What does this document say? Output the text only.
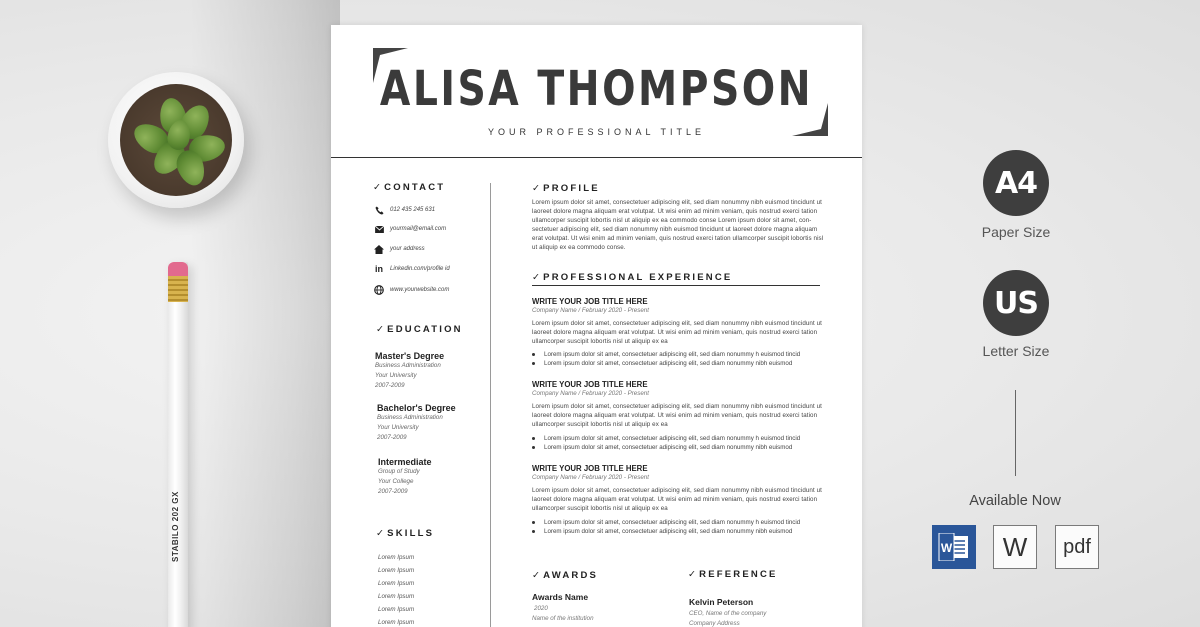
STABILO 202 GX
ALISA THOMPSON
YOUR PROFESSIONAL TITLE
✓CONTACT
012 435 245 631
yourmail@email.com
your address
in Linkedin.com/profile id
www.yourwebsite.com
✓EDUCATION
Master's Degree
Business Administration
Your University
2007-2009
Bachelor's Degree
Business Administration
Your University
2007-2009
Intermediate
Group of Study
Your College
2007-2009
✓SKILLS
Lorem Ipsum
Lorem Ipsum
Lorem Ipsum
Lorem Ipsum
Lorem Ipsum
Lorem Ipsum
✓PROFILE
Lorem ipsum dolor sit amet, consectetuer adipiscing elit, sed diam nonummy nibh euismod tincidunt ut
laoreet dolore magna aliquam erat volutpat. Ut wisi enim ad minim veniam, quis nostrud exerci tation
ullamcorper suscipit lobortis nisl ut aliquip ex ea commodo conse Lorem ipsum dolor sit amet, con-
sectetuer adipiscing elit, sed diam nonummy nibh euismod tincidunt ut laoreet dolore magna aliquam
erat volutpat. Ut wisi enim ad minim veniam, quis nostrud exerci tation ullamcorper suscipit lobortis nisl
ut aliquip ex ea commodo conse.
✓PROFESSIONAL EXPERIENCE
WRITE YOUR JOB TITLE HERE
Company Name / February 2020 - Present
Lorem ipsum dolor sit amet, consectetuer adipiscing elit, sed diam nonummy nibh euismod tincidunt ut
laoreet dolore magna aliquam erat volutpat. Ut wisi enim ad minim veniam, quis nostrud exerci tation
ullamcorper suscipit lobortis nisl ut aliquip ex ea
Lorem ipsum dolor sit amet, consectetuer adipiscing elit, sed diam nonummy h euismod tincid
Lorem ipsum dolor sit amet, consectetuer adipiscing elit, sed diam nonummy nibh euismod
WRITE YOUR JOB TITLE HERE
Company Name / February 2020 - Present
Lorem ipsum dolor sit amet, consectetuer adipiscing elit, sed diam nonummy nibh euismod tincidunt ut
laoreet dolore magna aliquam erat volutpat. Ut wisi enim ad minim veniam, quis nostrud exerci tation
ullamcorper suscipit lobortis nisl ut aliquip ex ea
Lorem ipsum dolor sit amet, consectetuer adipiscing elit, sed diam nonummy h euismod tincid
Lorem ipsum dolor sit amet, consectetuer adipiscing elit, sed diam nonummy nibh euismod
WRITE YOUR JOB TITLE HERE
Company Name / February 2020 - Present
Lorem ipsum dolor sit amet, consectetuer adipiscing elit, sed diam nonummy nibh euismod tincidunt ut
laoreet dolore magna aliquam erat volutpat. Ut wisi enim ad minim veniam, quis nostrud exerci tation
ullamcorper suscipit lobortis nisl ut aliquip ex ea
Lorem ipsum dolor sit amet, consectetuer adipiscing elit, sed diam nonummy h euismod tincid
Lorem ipsum dolor sit amet, consectetuer adipiscing elit, sed diam nonummy nibh euismod
✓AWARDS
Awards Name
2020
Name of the institution
✓REFERENCE
Kelvin Peterson
CEO, Name of the company
Company Address
A4
Paper Size
US
Letter Size
Available Now
W W pdf
